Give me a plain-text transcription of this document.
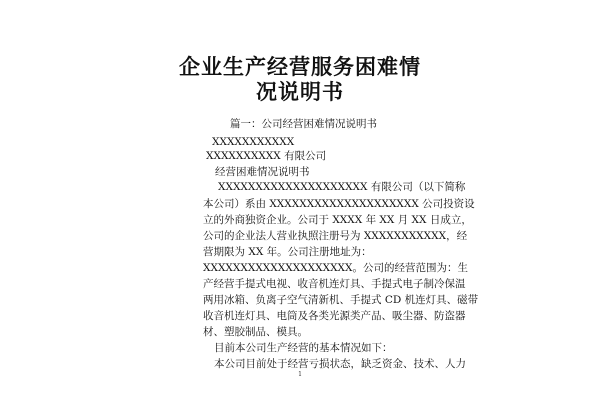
企业生产经营服务困难情
况说明书
篇一：公司经营困难情况说明书
XXXXXXXXXXX
XXXXXXXXXX 有限公司
经营困难情况说明书
XXXXXXXXXXXXXXXXXXXX 有限公司（以下简称
本公司）系由 XXXXXXXXXXXXXXXXXXXX 公司投资设
立的外商独资企业。公司于 XXXX 年 XX 月 XX 日成立，
公司的企业法人营业执照注册号为 XXXXXXXXXXX，经
营期限为 XX 年。公司注册地址为：
XXXXXXXXXXXXXXXXXXXX。公司的经营范围为：生
产经营手提式电视、收音机连灯具、手提式电子制冷保温
两用冰箱、负离子空气清新机、手提式 CD 机连灯具、磁带
收音机连灯具、电筒及各类光源类产品、吸尘器、防盗器
材、塑胶制品、模具。
目前本公司生产经营的基本情况如下：
本公司目前处于经营亏损状态，缺乏资金、技术、人力
1
